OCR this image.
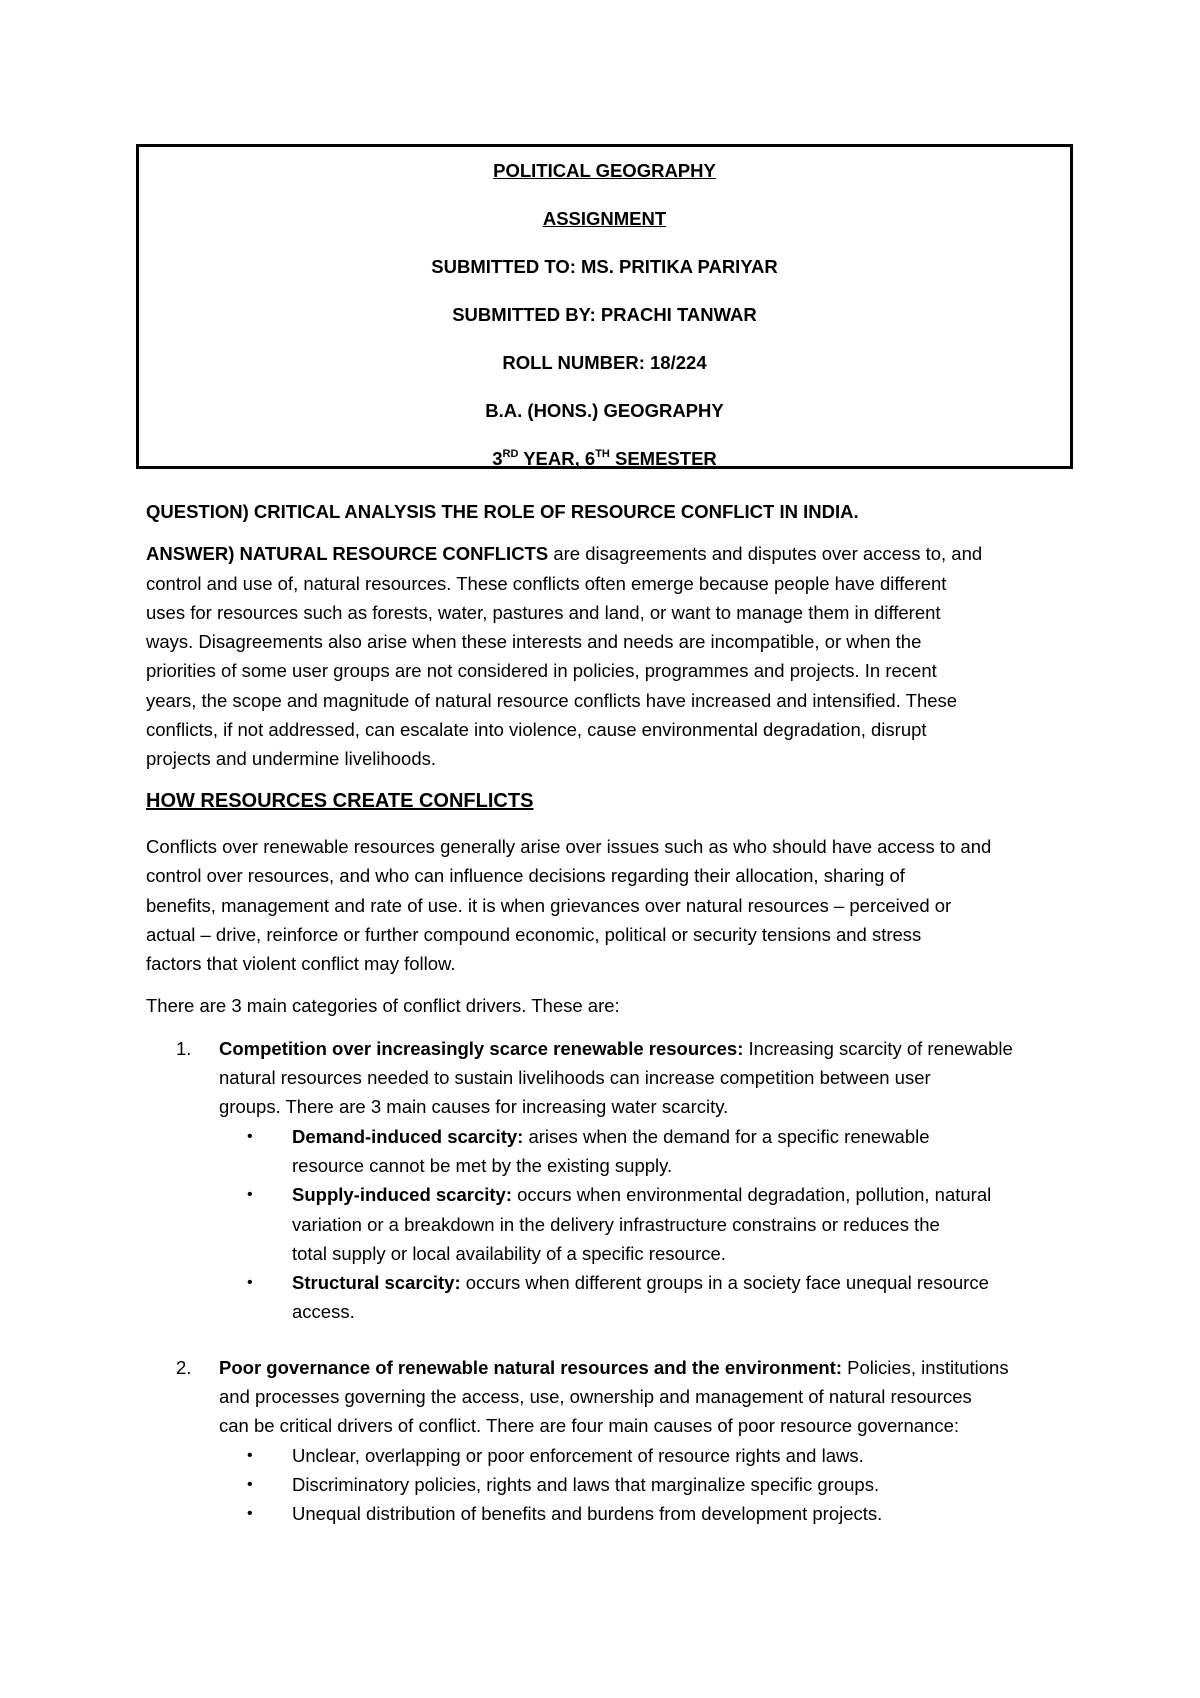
POLITICAL GEOGRAPHY
ASSIGNMENT
SUBMITTED TO: MS. PRITIKA PARIYAR
SUBMITTED BY: PRACHI TANWAR
ROLL NUMBER: 18/224
B.A. (HONS.) GEOGRAPHY
3RD YEAR, 6TH SEMESTER
QUESTION) CRITICAL ANALYSIS THE ROLE OF RESOURCE CONFLICT IN INDIA.
ANSWER) NATURAL RESOURCE CONFLICTS are disagreements and disputes over access to, and
control and use of, natural resources. These conflicts often emerge because people have different
uses for resources such as forests, water, pastures and land, or want to manage them in different
ways. Disagreements also arise when these interests and needs are incompatible, or when the
priorities of some user groups are not considered in policies, programmes and projects. In recent
years, the scope and magnitude of natural resource conflicts have increased and intensified. These
conflicts, if not addressed, can escalate into violence, cause environmental degradation, disrupt
projects and undermine livelihoods.
HOW RESOURCES CREATE CONFLICTS
Conflicts over renewable resources generally arise over issues such as who should have access to and
control over resources, and who can influence decisions regarding their allocation, sharing of
benefits, management and rate of use. it is when grievances over natural resources – perceived or
actual – drive, reinforce or further compound economic, political or security tensions and stress
factors that violent conflict may follow.
There are 3 main categories of conflict drivers. These are:
1. Competition over increasingly scarce renewable resources: Increasing scarcity of renewable
natural resources needed to sustain livelihoods can increase competition between user
groups. There are 3 main causes for increasing water scarcity.
• Demand-induced scarcity: arises when the demand for a specific renewable
resource cannot be met by the existing supply.
• Supply-induced scarcity: occurs when environmental degradation, pollution, natural
variation or a breakdown in the delivery infrastructure constrains or reduces the
total supply or local availability of a specific resource.
• Structural scarcity: occurs when different groups in a society face unequal resource
access.
2. Poor governance of renewable natural resources and the environment: Policies, institutions
and processes governing the access, use, ownership and management of natural resources
can be critical drivers of conflict. There are four main causes of poor resource governance:
• Unclear, overlapping or poor enforcement of resource rights and laws.
• Discriminatory policies, rights and laws that marginalize specific groups.
• Unequal distribution of benefits and burdens from development projects.
